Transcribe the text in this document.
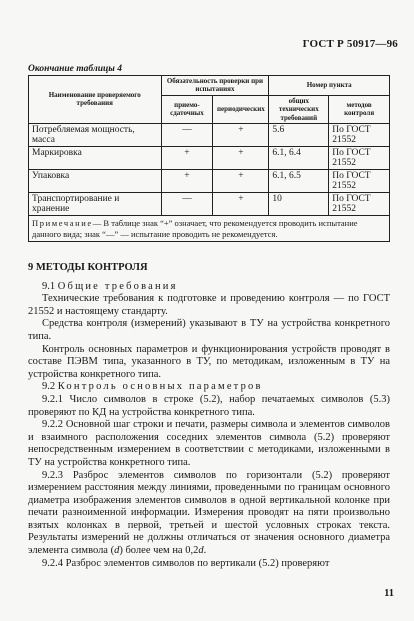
ГОСТ Р 50917—96
Окончание таблицы 4
Наименование проверяемого требования	Обязательность проверки при испытаниях		Номер пункта	
	приемо-сдаточных	периодических	общих технических требований	методов контроля
Потребляемая мощность, масса	—	+	5.6	По ГОСТ 21552
Маркировка	+	+	6.1, 6.4	По ГОСТ 21552
Упаковка	+	+	6.1, 6.5	По ГОСТ 21552
Транспортирование и хранение	—	+	10	По ГОСТ 21552
Примечание— В таблице знак “+” означает, что рекомендуется проводить испытание данного вида; знак “—” — испытание проводить не рекомендуется.				

9 МЕТОДЫ КОНТРОЛЯ

9.1 Общие требования

Технические требования к подготовке и проведению контроля — по ГОСТ 21552 и настоящему стандарту.

Средства контроля (измерений) указывают в ТУ на устройства конкретного типа.

Контроль основных параметров и функционирования устройств проводят в составе ПЭВМ типа, указанного в ТУ, по методикам, изложенным в ТУ на устройства конкретного типа.

9.2 Контроль основных параметров

9.2.1 Число символов в строке (5.2), набор печатаемых символов (5.3) проверяют по КД на устройства конкретного типа.

9.2.2 Основной шаг строки и печати, размеры символа и элементов символов и взаимного расположения соседних элементов символа (5.2) проверяют непосредственным измерением в соответствии с методиками, изложенными в ТУ на устройства конкретного типа.

9.2.3 Разброс элементов символов по горизонтали (5.2) проверяют измерением расстояния между линиями, проведенными по границам основного диаметра изображения элементов символов в одной вертикальной колонке при печати разноименной информации. Измерения проводят на пяти произвольно взятых колонках в первой, третьей и шестой условных строках текста. Результаты измерений не должны отличаться от значения основного диаметра элемента символа (d) более чем на 0,2d.

9.2.4 Разброс элементов символов по вертикали (5.2) проверяют

11
